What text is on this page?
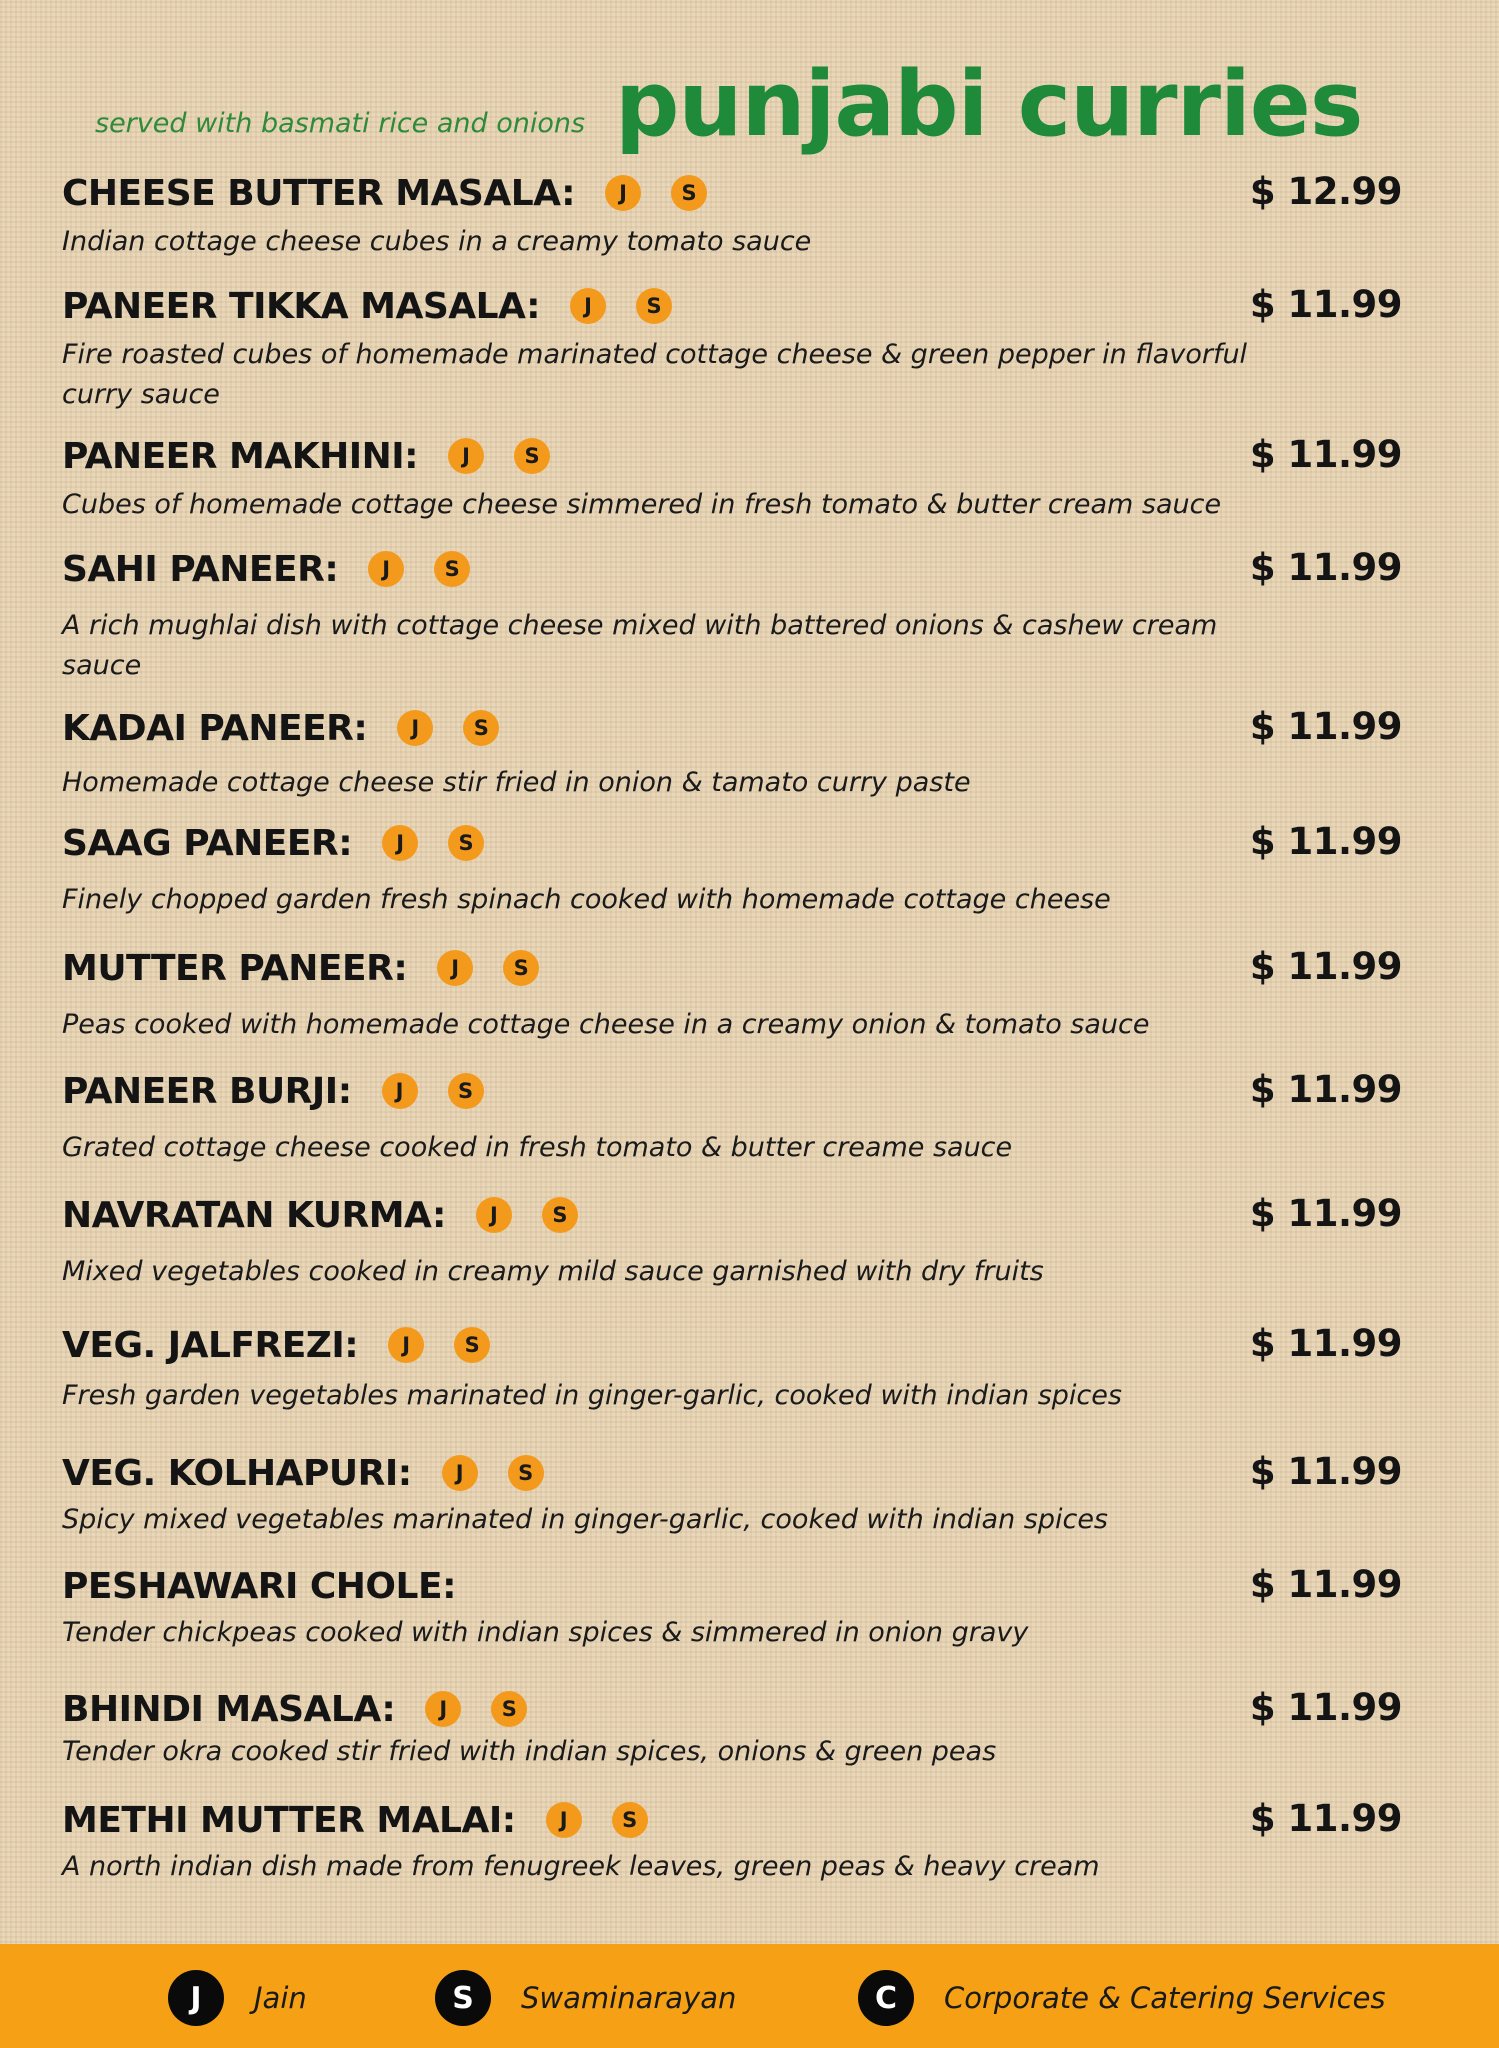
served with basmati rice and onions punjabi curries
CHEESE BUTTER MASALA:	J	S	$ 12.99
Indian cottage cheese cubes in a creamy tomato sauce
PANEER TIKKA MASALA:	J	S	$ 11.99
Fire roasted cubes of homemade marinated cottage cheese & green pepper in flavorful curry sauce
PANEER MAKHINI:	J	S	$ 11.99
Cubes of homemade cottage cheese simmered in fresh tomato & butter cream sauce
SAHI PANEER:	J	S	$ 11.99
A rich mughlai dish with cottage cheese mixed with battered onions & cashew cream sauce
KADAI PANEER:	J	S	$ 11.99
Homemade cottage cheese stir fried in onion & tamato curry paste
SAAG PANEER:	J	S	$ 11.99
Finely chopped garden fresh spinach cooked with homemade cottage cheese
MUTTER PANEER:	J	S	$ 11.99
Peas cooked with homemade cottage cheese in a creamy onion & tomato sauce
PANEER BURJI:	J	S	$ 11.99
Grated cottage cheese cooked in fresh tomato & butter creame sauce
NAVRATAN KURMA:	J	S	$ 11.99
Mixed vegetables cooked in creamy mild sauce garnished with dry fruits
VEG. JALFREZI:	J	S	$ 11.99
Fresh garden vegetables marinated in ginger-garlic, cooked with indian spices
VEG. KOLHAPURI:	J	S	$ 11.99
Spicy mixed vegetables marinated in ginger-garlic, cooked with indian spices
PESHAWARI CHOLE:	$ 11.99
Tender chickpeas cooked with indian spices & simmered in onion gravy
BHINDI MASALA:	J	S	$ 11.99
Tender okra cooked stir fried with indian spices, onions & green peas
METHI MUTTER MALAI:	J	S	$ 11.99
A north indian dish made from fenugreek leaves, green peas & heavy cream
J	Jain	S	Swaminarayan	C	Corporate & Catering Services
